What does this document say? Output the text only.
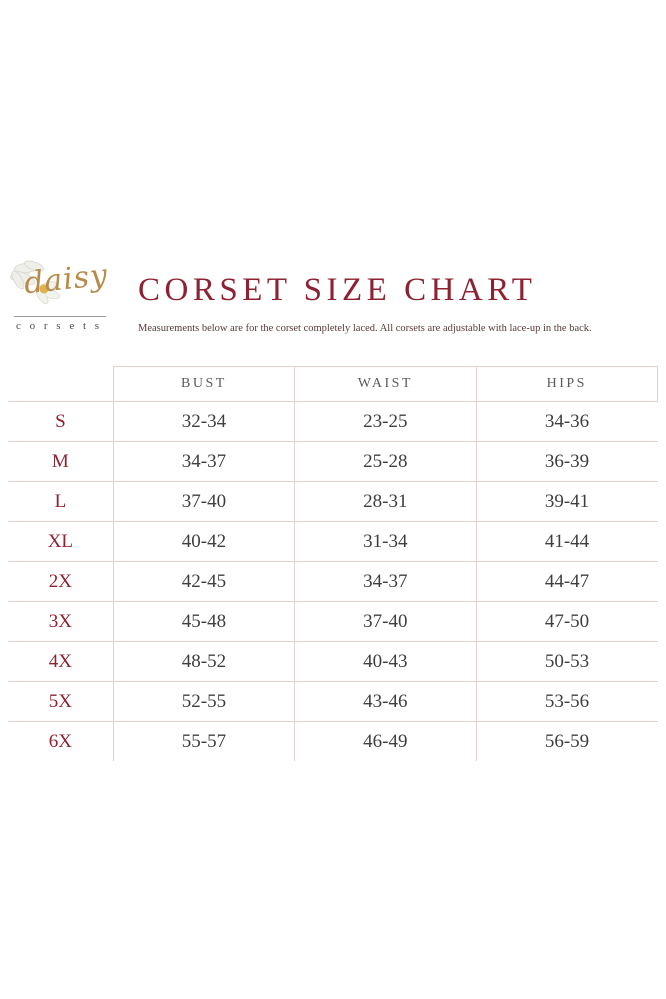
daisy
c o r s e t s
CORSET SIZE CHART
Measurements below are for the corset completely laced. All corsets are adjustable with lace-up in the back.
	BUST	WAIST	HIPS
S	32-34	23-25	34-36
M	34-37	25-28	36-39
L	37-40	28-31	39-41
XL	40-42	31-34	41-44
2X	42-45	34-37	44-47
3X	45-48	37-40	47-50
4X	48-52	40-43	50-53
5X	52-55	43-46	53-56
6X	55-57	46-49	56-59
